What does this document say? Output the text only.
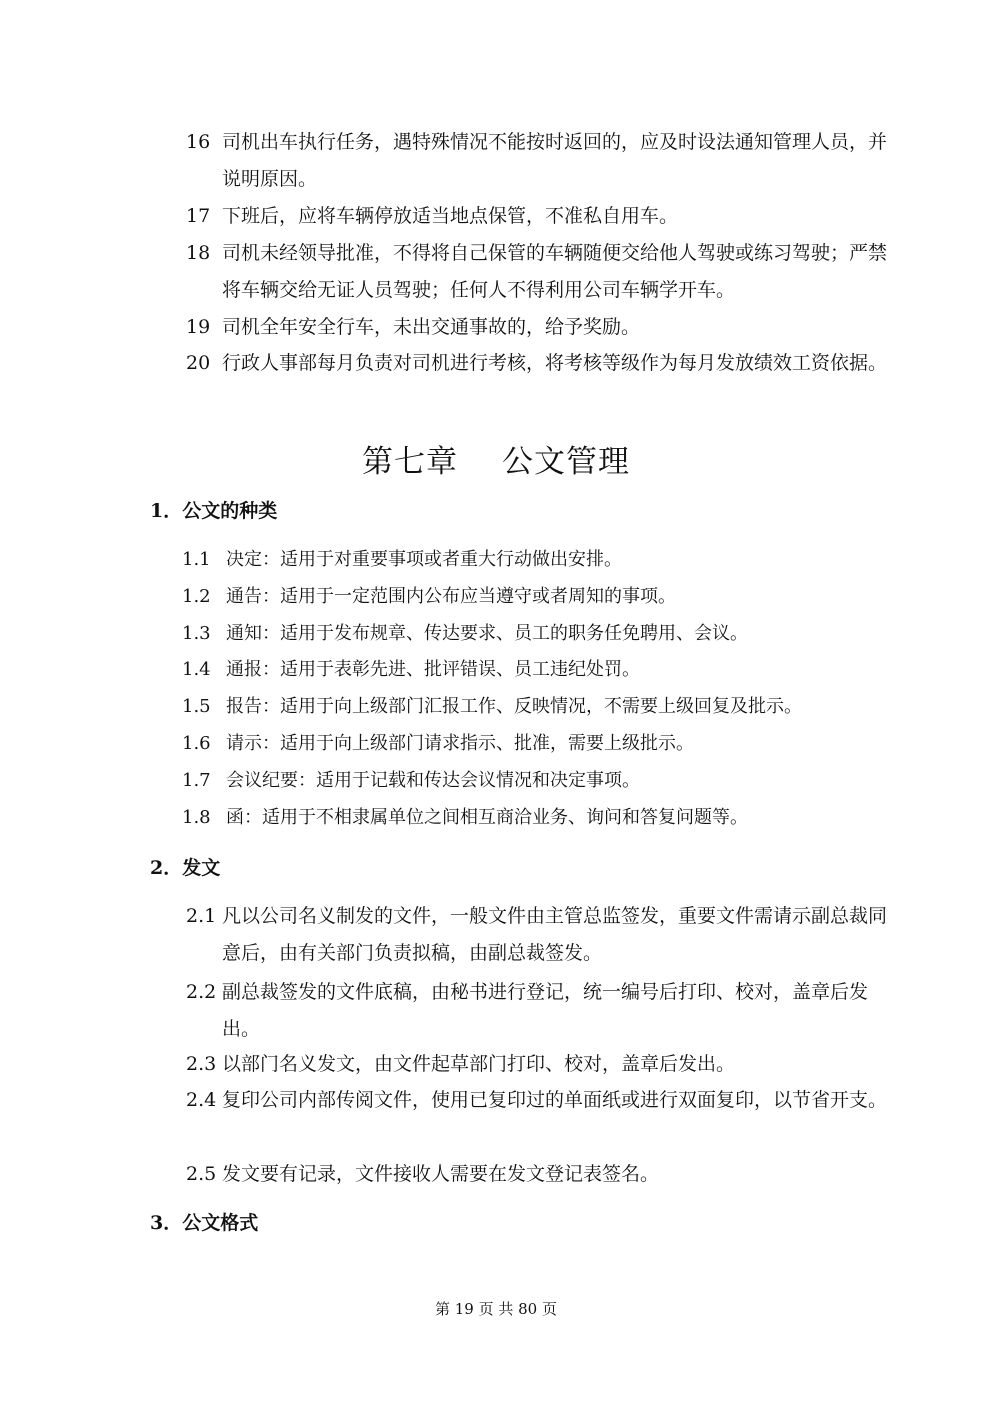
16 司机出车执行任务，遇特殊情况不能按时返回的，应及时设法通知管理人员，并说明原因。
17 下班后，应将车辆停放适当地点保管，不准私自用车。
18 司机未经领导批准，不得将自己保管的车辆随便交给他人驾驶或练习驾驶；严禁将车辆交给无证人员驾驶；任何人不得利用公司车辆学开车。
19 司机全年安全行车，未出交通事故的，给予奖励。
20 行政人事部每月负责对司机进行考核，将考核等级作为每月发放绩效工资依据。
第七章 公文管理
1．公文的种类
1.1 决定：适用于对重要事项或者重大行动做出安排。
1.2 通告：适用于一定范围内公布应当遵守或者周知的事项。
1.3 通知：适用于发布规章、传达要求、员工的职务任免聘用、会议。
1.4 通报：适用于表彰先进、批评错误、员工违纪处罚。
1.5 报告：适用于向上级部门汇报工作、反映情况，不需要上级回复及批示。
1.6 请示：适用于向上级部门请求指示、批准，需要上级批示。
1.7 会议纪要：适用于记载和传达会议情况和决定事项。
1.8 函：适用于不相隶属单位之间相互商洽业务、询问和答复问题等。
2．发文
2.1 凡以公司名义制发的文件，一般文件由主管总监签发，重要文件需请示副总裁同意后，由有关部门负责拟稿，由副总裁签发。
2.2 副总裁签发的文件底稿，由秘书进行登记，统一编号后打印、校对，盖章后发出。
2.3 以部门名义发文，由文件起草部门打印、校对，盖章后发出。
2.4 复印公司内部传阅文件，使用已复印过的单面纸或进行双面复印，以节省开支。
2.5 发文要有记录，文件接收人需要在发文登记表签名。
3．公文格式
第 19 页 共 80 页
